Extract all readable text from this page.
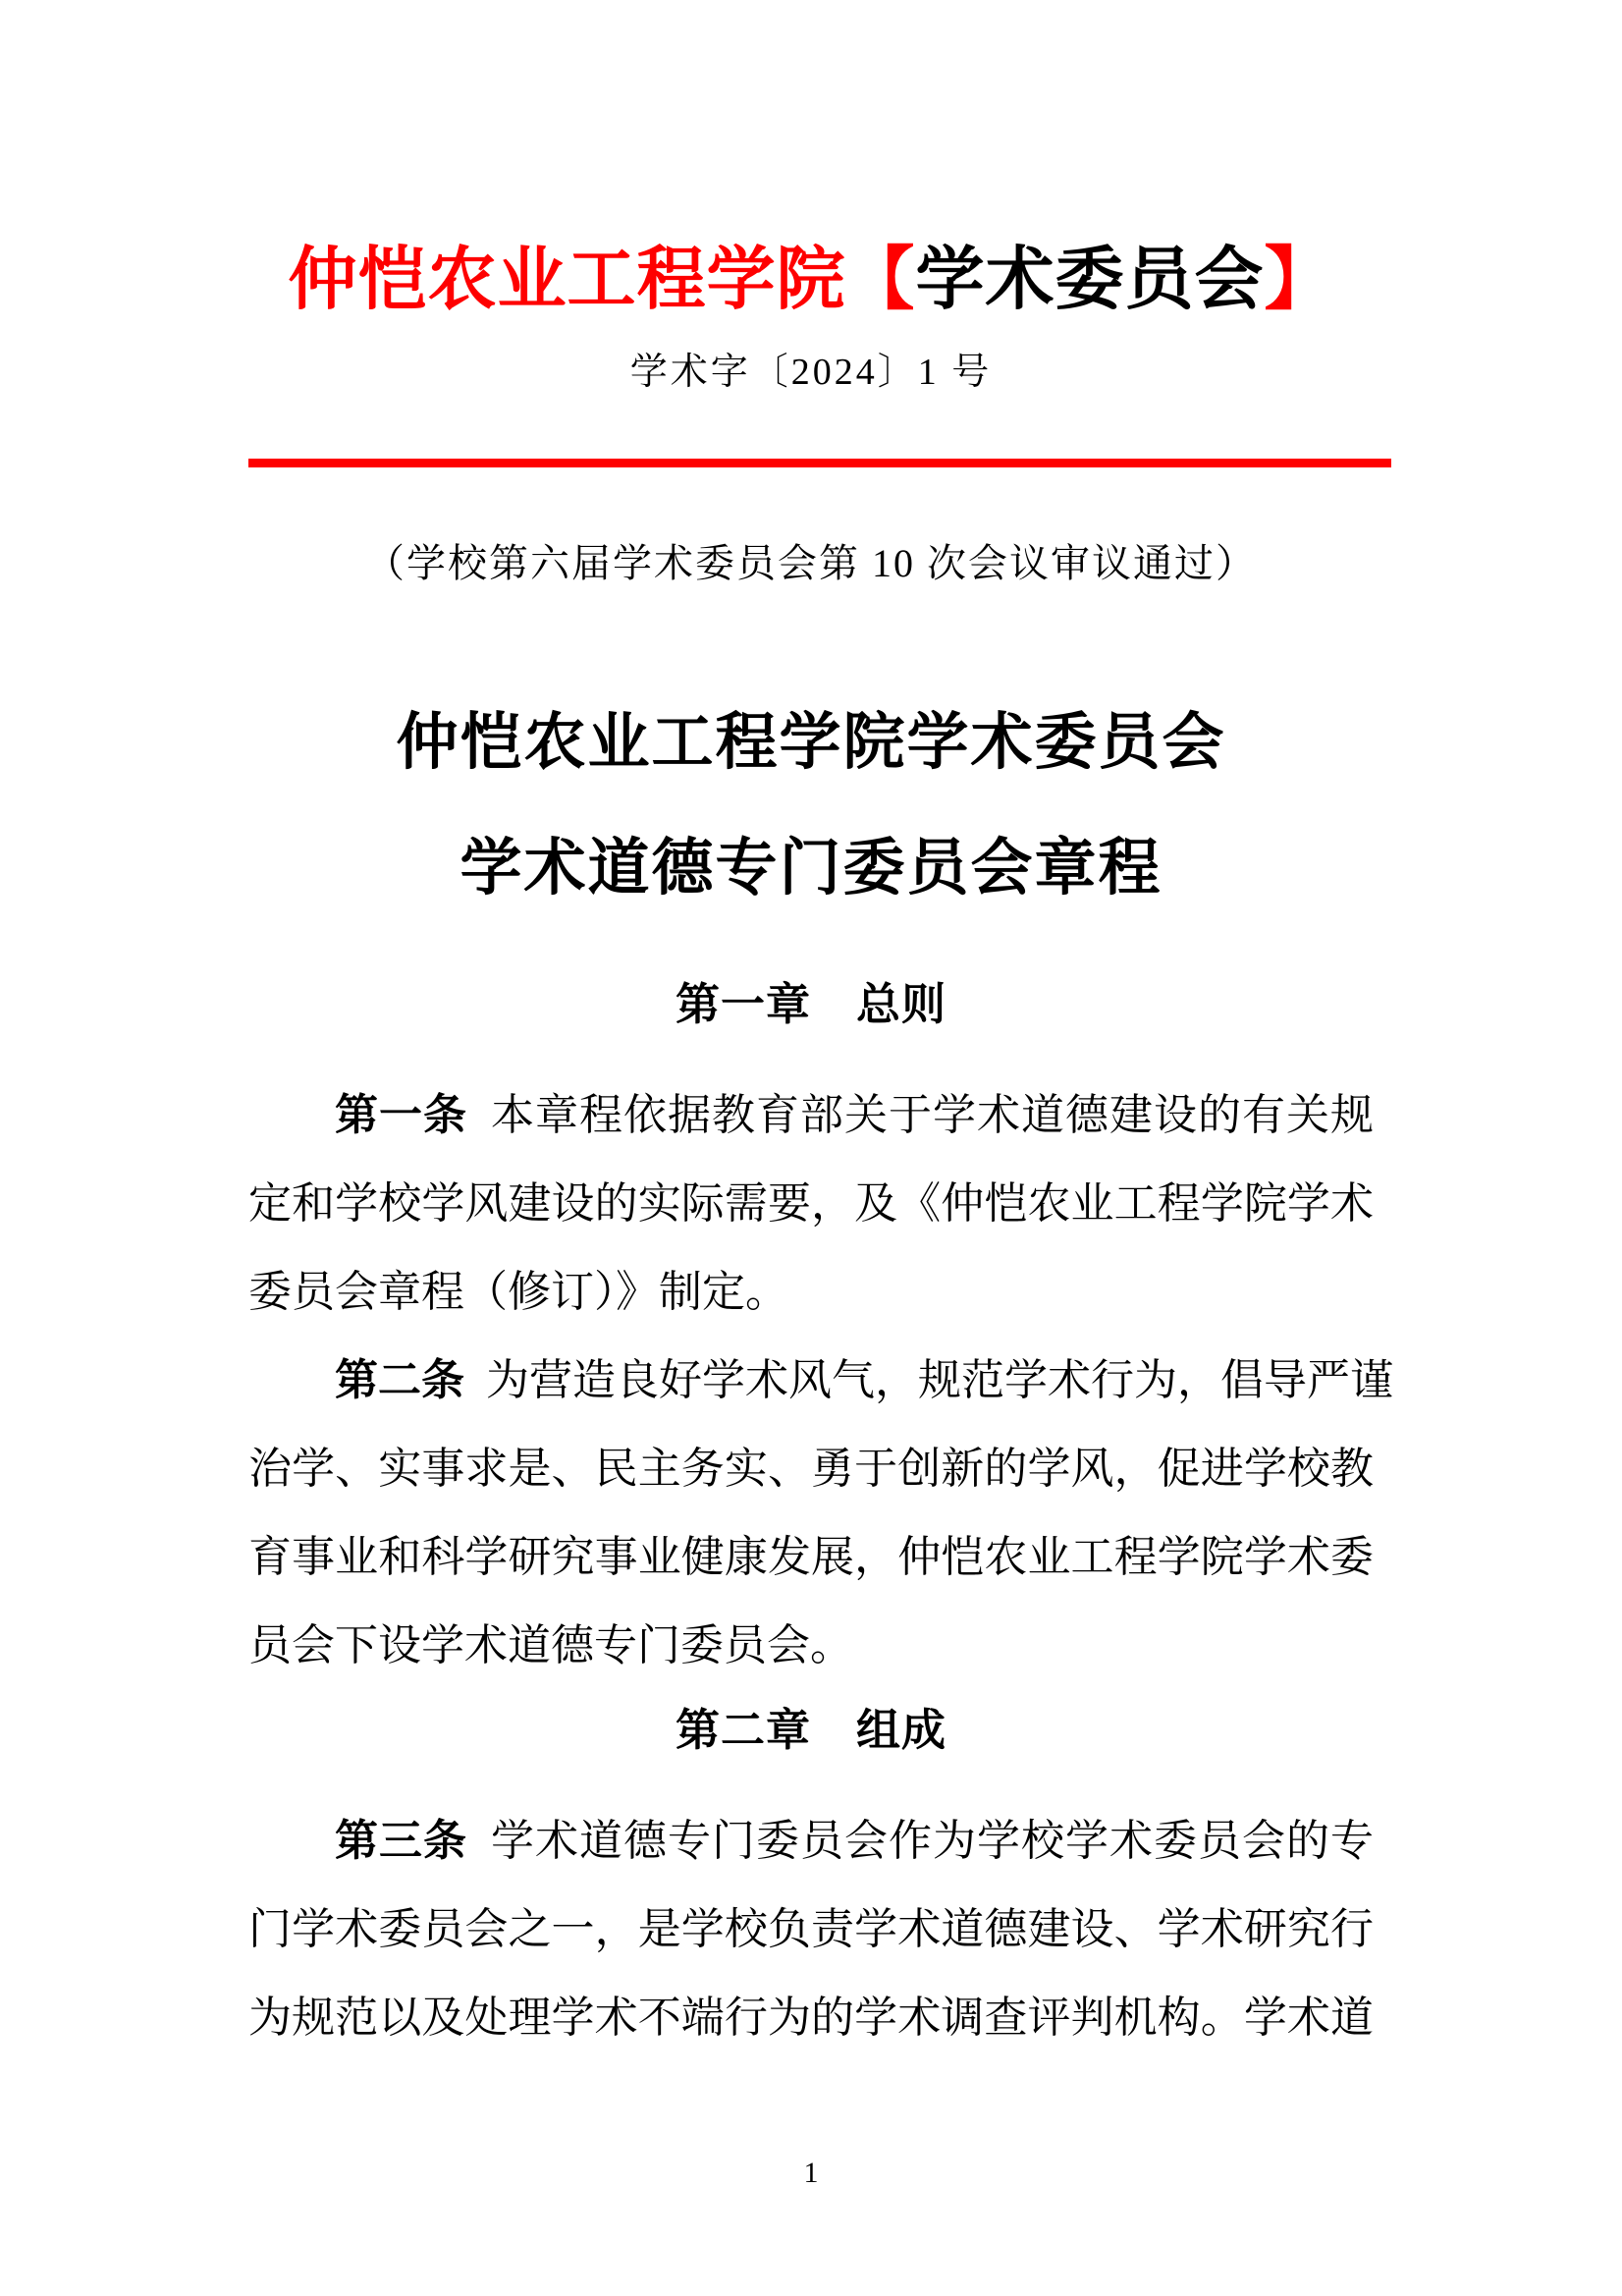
仲恺农业工程学院【学术委员会】
学术字〔2024〕1 号
（学校第六届学术委员会第 10 次会议审议通过）
仲恺农业工程学院学术委员会
学术道德专门委员会章程
第一章　总则
第一条 本章程依据教育部关于学术道德建设的有关规
定和学校学风建设的实际需要，及《仲恺农业工程学院学术
委员会章程（修订）》制定。
第二条 为营造良好学术风气，规范学术行为，倡导严谨
治学、实事求是、民主务实、勇于创新的学风，促进学校教
育事业和科学研究事业健康发展，仲恺农业工程学院学术委
员会下设学术道德专门委员会。
第二章　组成
第三条 学术道德专门委员会作为学校学术委员会的专
门学术委员会之一，是学校负责学术道德建设、学术研究行
为规范以及处理学术不端行为的学术调查评判机构。学术道
1
